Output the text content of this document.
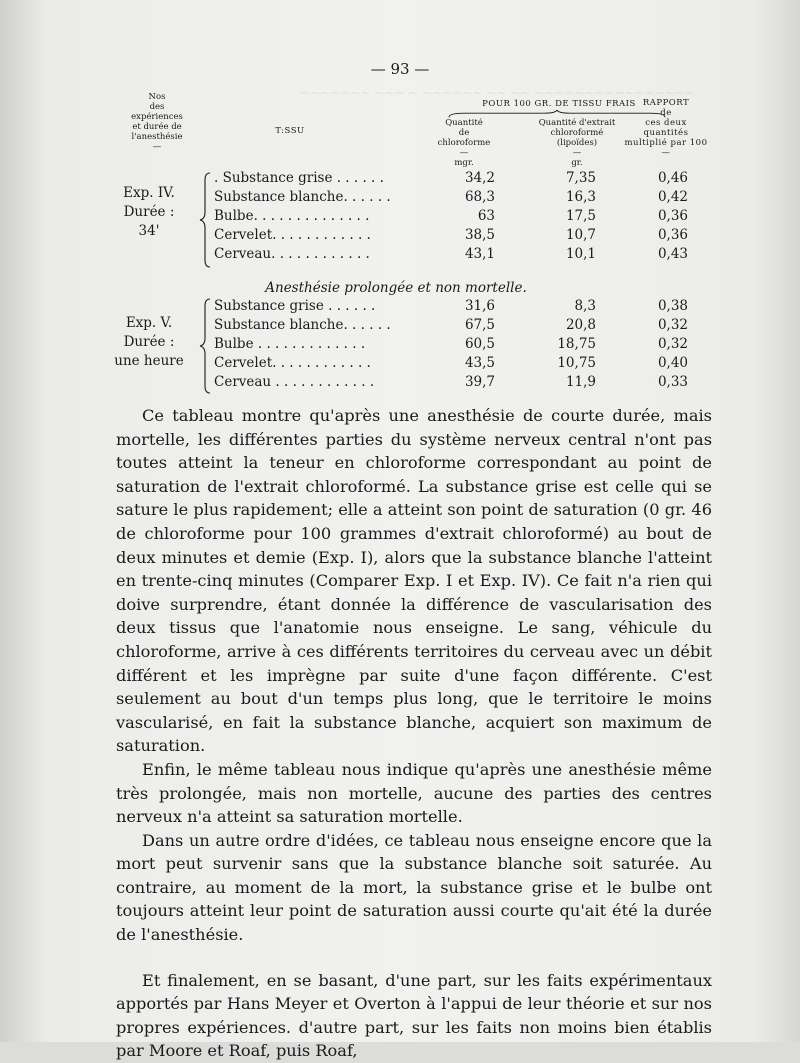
~~~~~~~ ~~~ ~ ~~~~~~ ~~ ~~ ~~~~~~~~~~~~~~~~
— 93 —
Nos
des
expériences
et durée de
l'anesthésie
—
T:SSU
POUR 100 GR. DE TISSU FRAIS
Quantité
de
chloroforme
—
mgr.
Quantité d'extrait
chloroformé
(lipoïdes)
—
gr.
RAPPORT
de
ces deux
quantités
multiplié par 100
—
Exp. IV.
Durée :
34'
. Substance grise . . . . . .	34,2	7,35	0,46
Substance blanche. . . . . .	68,3	16,3	0,42
Bulbe. . . . . . . . . . . . . .	63	17,5	0,36
Cervelet. . . . . . . . . . . .	38,5	10,7	0,36
Cerveau. . . . . . . . . . . .	43,1	10,1	0,43
Anesthésie prolongée et non mortelle.
Exp. V.
Durée :
une heure
Substance grise . . . . . .	31,6	8,3	0,38
Substance blanche. . . . . .	67,5	20,8	0,32
Bulbe . . . . . . . . . . . . .	60,5	18,75	0,32
Cervelet. . . . . . . . . . . .	43,5	10,75	0,40
Cerveau . . . . . . . . . . . .	39,7	11,9	0,33

Ce tableau montre qu'après une anesthésie de courte durée, mais mortelle, les différentes parties du système nerveux central n'ont pas toutes atteint la teneur en chloroforme correspondant au point de saturation de l'extrait chloroformé. La substance grise est celle qui se sature le plus rapidement; elle a atteint son point de saturation (0 gr. 46 de chloroforme pour 100 grammes d'extrait chloroformé) au bout de deux minutes et demie (Exp. I), alors que la substance blanche l'atteint en trente-cinq minutes (Comparer Exp. I et Exp. IV). Ce fait n'a rien qui doive surprendre, étant donnée la différence de vascularisation des deux tissus que l'anatomie nous enseigne. Le sang, véhicule du chloroforme, arrive à ces différents territoires du cerveau avec un débit différent et les imprègne par suite d'une façon différente. C'est seulement au bout d'un temps plus long, que le territoire le moins vascularisé, en fait la substance blanche, acquiert son maximum de saturation.

Enfin, le même tableau nous indique qu'après une anesthésie même très prolongée, mais non mortelle, aucune des parties des centres nerveux n'a atteint sa saturation mortelle.

Dans un autre ordre d'idées, ce tableau nous enseigne encore que la mort peut survenir sans que la substance blanche soit saturée. Au contraire, au moment de la mort, la substance grise et le bulbe ont toujours atteint leur point de saturation aussi courte qu'ait été la durée de l'anesthésie.

Et finalement, en se basant, d'une part, sur les faits expérimentaux apportés par Hans Meyer et Overton à l'appui de leur théorie et sur nos propres expériences. d'autre part, sur les faits non moins bien établis par Moore et Roaf, puis Roaf,
